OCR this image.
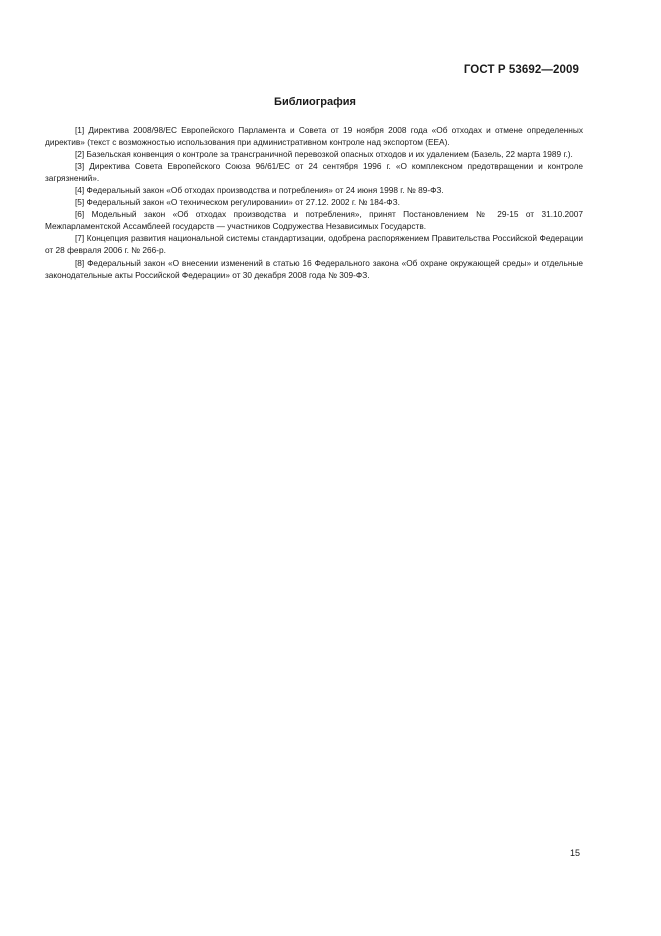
ГОСТ Р 53692—2009
Библиография

[1] Директива 2008/98/ЕС Европейского Парламента и Совета от 19 ноября 2008 года «Об отходах и отмене определенных директив» (текст с возможностью использования при административном контроле над экспортом (ЕЕА).

[2] Базельская конвенция о контроле за трансграничной перевозкой опасных отходов и их удалением (Базель, 22 марта 1989 г.).

[3] Директива Совета Европейского Союза 96/61/ЕС от 24 сентября 1996 г. «О комплексном предотвращении и контроле загрязнений».

[4] Федеральный закон «Об отходах производства и потребления» от 24 июня 1998 г. № 89-ФЗ.

[5] Федеральный закон «О техническом регулировании» от 27.12. 2002 г. № 184-ФЗ.

[6] Модельный закон «Об отходах производства и потребления», принят Постановлением № 29-15 от 31.10.2007 Межпарламентской Ассамблеей государств — участников Содружества Независимых Государств.

[7] Концепция развития национальной системы стандартизации, одобрена распоряжением Правительства Российской Федерации от 28 февраля 2006 г. № 266-р.

[8] Федеральный закон «О внесении изменений в статью 16 Федерального закона «Об охране окружающей среды» и отдельные законодательные акты Российской Федерации» от 30 декабря 2008 года № 309-ФЗ.

15
